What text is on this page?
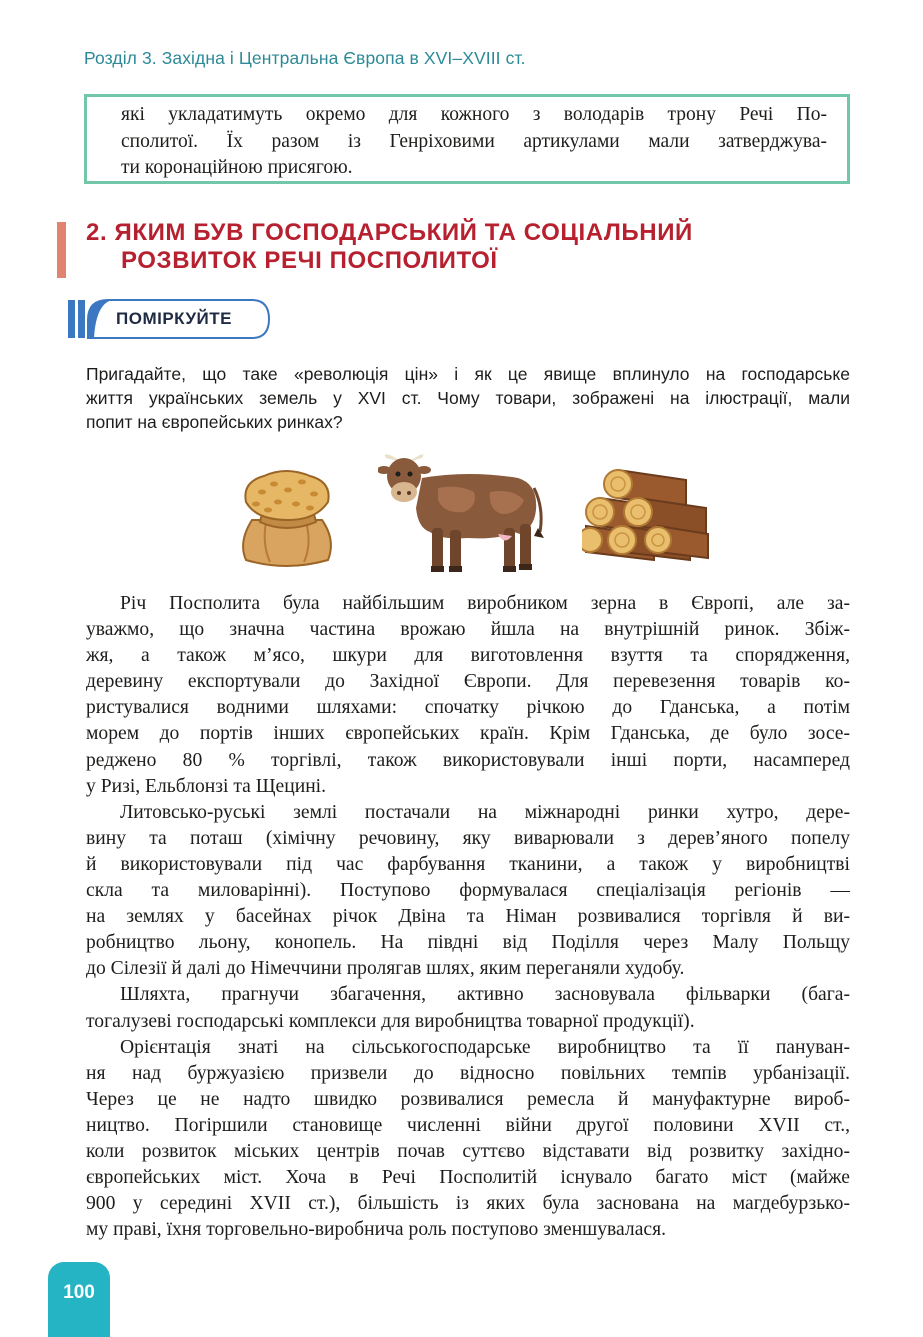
Розділ 3. Західна і Центральна Європа в XVI–XVIII ст.

які укладатимуть окремо для кожного з володарів трону Речі По-

сполитої. Їх разом із Генріховими артикулами мали затверджува-

ти коронаційною присягою.

2. ЯКИМ БУВ ГОСПОДАРСЬКИЙ ТА СОЦІАЛЬНИЙ
РОЗВИТОК РЕЧІ ПОСПОЛИТОЇ
ПОМІРКУЙТЕ

Пригадайте, що таке «революція цін» і як це явище вплинуло на господарське
життя українських земель у XVI ст. Чому товари, зображені на ілюстрації, мали
попит на європейських ринках?

Річ Посполита була найбільшим виробником зерна в Європі, але за-
уважмо, що значна частина врожаю йшла на внутрішній ринок. Збіж-
жя, а також м’ясо, шкури для виготовлення взуття та спорядження,
деревину експортували до Західної Європи. Для перевезення товарів ко-
ристувалися водними шляхами: спочатку річкою до Гданська, а потім
морем до портів інших європейських країн. Крім Гданська, де було зосе-
реджено 80 % торгівлі, також використовували інші порти, насамперед
у Ризі, Ельблонзі та Щецині.

Литовсько-руські землі постачали на міжнародні ринки хутро, дере-
вину та поташ (хімічну речовину, яку виварювали з дерев’яного попелу
й використовували під час фарбування тканини, а також у виробництві
скла та миловарінні). Поступово формувалася спеціалізація регіонів —
на землях у басейнах річок Двіна та Німан розвивалися торгівля й ви-
робництво льону, конопель. На півдні від Поділля через Малу Польщу
до Сілезії й далі до Німеччини пролягав шлях, яким переганяли худобу.

Шляхта, прагнучи збагачення, активно засновувала фільварки (бага-
тогалузеві господарські комплекси для виробництва товарної продукції).

Орієнтація знаті на сільськогосподарське виробництво та її пануван-
ня над буржуазією призвели до відносно повільних темпів урбанізації.
Через це не надто швидко розвивалися ремесла й мануфактурне вироб-
ництво. Погіршили становище численні війни другої половини XVII ст.,
коли розвиток міських центрів почав суттєво відставати від розвитку західно-
європейських міст. Хоча в Речі Посполитій існувало багато міст (майже
900 у середині XVII ст.), більшість із яких була заснована на магдебурзько-
му праві, їхня торговельно-виробнича роль поступово зменшувалася.

100
